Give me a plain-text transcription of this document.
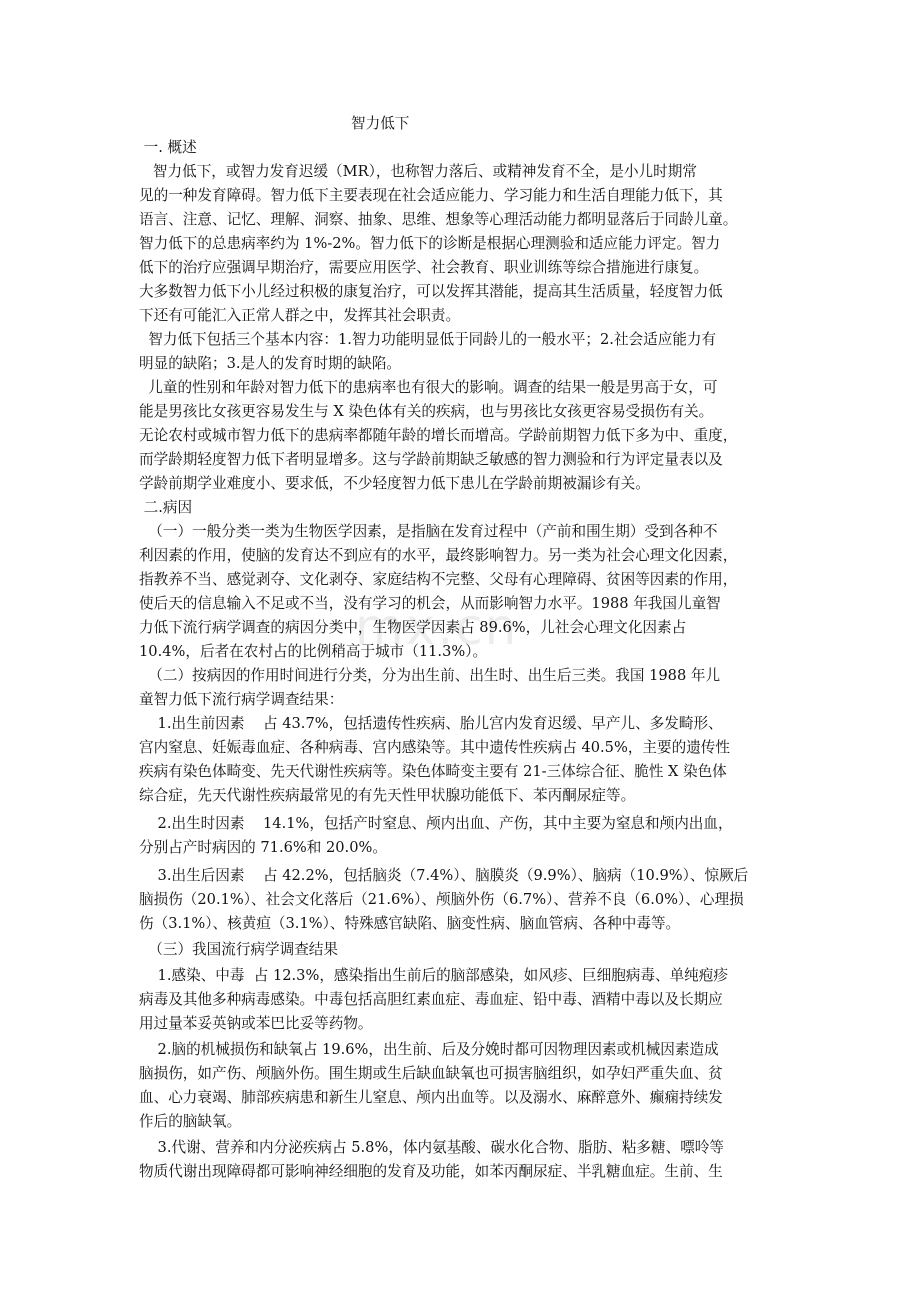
智力低下
一. 概述
智力低下，或智力发育迟缓（MR），也称智力落后、或精神发育不全，是小儿时期常
见的一种发育障碍。智力低下主要表现在社会适应能力、学习能力和生活自理能力低下，其
语言、注意、记忆、理解、洞察、抽象、思维、想象等心理活动能力都明显落后于同龄儿童。
智力低下的总患病率约为 1%-2%。智力低下的诊断是根据心理测验和适应能力评定。智力
低下的治疗应强调早期治疗，需要应用医学、社会教育、职业训练等综合措施进行康复。
大多数智力低下小儿经过积极的康复治疗，可以发挥其潜能，提高其生活质量，轻度智力低
下还有可能汇入正常人群之中，发挥其社会职责。
智力低下包括三个基本内容：1.智力功能明显低于同龄儿的一般水平；2.社会适应能力有
明显的缺陷；3.是人的发育时期的缺陷。
儿童的性别和年龄对智力低下的患病率也有很大的影响。调查的结果一般是男高于女，可
能是男孩比女孩更容易发生与 X 染色体有关的疾病，也与男孩比女孩更容易受损伤有关。
无论农村或城市智力低下的患病率都随年龄的增长而增高。学龄前期智力低下多为中、重度，
而学龄期轻度智力低下者明显增多。这与学龄前期缺乏敏感的智力测验和行为评定量表以及
学龄前期学业难度小、要求低，不少轻度智力低下患儿在学龄前期被漏诊有关。
二.病因
（一）一般分类一类为生物医学因素，是指脑在发育过程中（产前和围生期）受到各种不
利因素的作用，使脑的发育达不到应有的水平，最终影响智力。另一类为社会心理文化因素，
指教养不当、感觉剥夺、文化剥夺、家庭结构不完整、父母有心理障碍、贫困等因素的作用，
使后天的信息输入不足或不当，没有学习的机会，从而影响智力水平。1988 年我国儿童智
力低下流行病学调查的病因分类中，生物医学因素占 89.6%，儿社会心理文化因素占
10.4%，后者在农村占的比例稍高于城市（11.3%）。
（二）按病因的作用时间进行分类，分为出生前、出生时、出生后三类。我国 1988 年儿
童智力低下流行病学调查结果：
1.出生前因素    占 43.7%，包括遗传性疾病、胎儿宫内发育迟缓、早产儿、多发畸形、
宫内窒息、妊娠毒血症、各种病毒、宫内感染等。其中遗传性疾病占 40.5%，主要的遗传性
疾病有染色体畸变、先天代谢性疾病等。染色体畸变主要有 21-三体综合征、脆性 X 染色体
综合症，先天代谢性疾病最常见的有先天性甲状腺功能低下、苯丙酮尿症等。
2.出生时因素    14.1%，包括产时窒息、颅内出血、产伤，其中主要为窒息和颅内出血，
分别占产时病因的 71.6%和 20.0%。
3.出生后因素    占 42.2%，包括脑炎（7.4%）、脑膜炎（9.9%）、脑病（10.9%）、惊厥后
脑损伤（20.1%）、社会文化落后（21.6%）、颅脑外伤（6.7%）、营养不良（6.0%）、心理损
伤（3.1%）、核黄疸（3.1%）、特殊感官缺陷、脑变性病、脑血管病、各种中毒等。
（三）我国流行病学调查结果
1.感染、中毒  占 12.3%，感染指出生前后的脑部感染，如风疹、巨细胞病毒、单纯疱疹
病毒及其他多种病毒感染。中毒包括高胆红素血症、毒血症、铅中毒、酒精中毒以及长期应
用过量苯妥英钠或苯巴比妥等药物。
2.脑的机械损伤和缺氧占 19.6%，出生前、后及分娩时都可因物理因素或机械因素造成
脑损伤，如产伤、颅脑外伤。围生期或生后缺血缺氧也可损害脑组织，如孕妇严重失血、贫
血、心力衰竭、肺部疾病患和新生儿窒息、颅内出血等。以及溺水、麻醉意外、癫痫持续发
作后的脑缺氧。
3.代谢、营养和内分泌疾病占 5.8%，体内氨基酸、碳水化合物、脂肪、粘多糖、嘌呤等
物质代谢出现障碍都可影响神经细胞的发育及功能，如苯丙酮尿症、半乳糖血症。生前、生
mx.cn
